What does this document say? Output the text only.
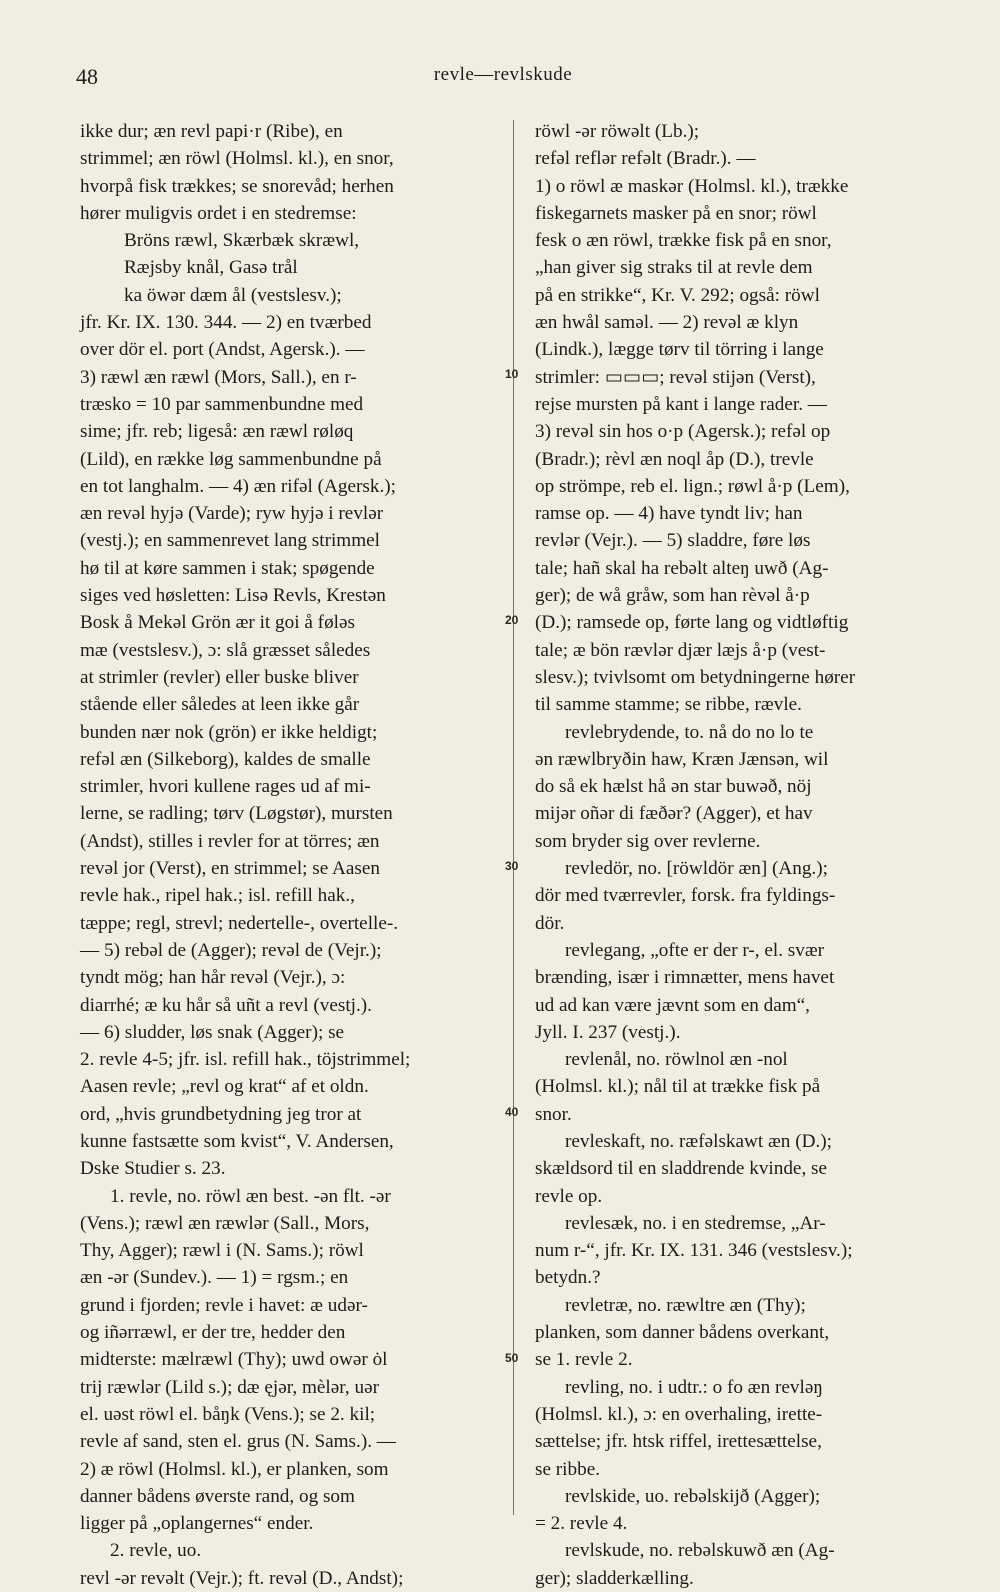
48	revle—revlskude
ikke dur; æn revl papi·r (Ribe), en
strimmel; æn röwl (Holmsl. kl.), en snor,
hvorpå fisk trækkes; se snorevåd; herhen
hører muligvis ordet i en stedremse:
Bröns ræwl, Skærbæk skræwl,
Ræjsby knål, Gasə trål
ka öwər dæm ål (vestslesv.);
jfr. Kr. IX. 130. 344. — 2) en tværbed
over dör el. port (Andst, Agersk.). —
3) ræwl æn ræwl (Mors, Sall.), en r-
træsko = 10 par sammenbundne med
sime; jfr. reb; ligeså: æn ræwl røløq
(Lild), en række løg sammenbundne på
en tot langhalm. — 4) æn rifəl (Agersk.);
æn revəl hyjə (Varde); ryw hyjə i revlər
(vestj.); en sammenrevet lang strimmel
hø til at køre sammen i stak; spøgende
siges ved høsletten: Lisə Revls, Krestən
Bosk å Mekəl Grön ær it goi å føləs
mæ (vestslesv.), ɔ: slå græsset således
at strimler (revler) eller buske bliver
stående eller således at leen ikke går
bunden nær nok (grön) er ikke heldigt;
refəl æn (Silkeborg), kaldes de smalle
strimler, hvori kullene rages ud af mi-
lerne, se radling; tørv (Løgstør), mursten
(Andst), stilles i revler for at törres; æn
revəl jor (Verst), en strimmel; se Aasen
revle hak., ripel hak.; isl. refill hak.,
tæppe; regl, strevl; nedertelle-, overtelle-.
— 5) rebəl de (Agger); revəl de (Vejr.);
tyndt mög; han hår revəl (Vejr.), ɔ:
diarrhé; æ ku hår så uñt a revl (vestj.).
— 6) sludder, løs snak (Agger); se
2. revle 4-5; jfr. isl. refill hak., töjstrimmel;
Aasen revle; „revl og krat“ af et oldn.
ord, „hvis grundbetydning jeg tror at
kunne fastsætte som kvist“, V. Andersen,
Dske Studier s. 23.
1. revle, no. röwl æn best. -ən flt. -ər
(Vens.); ræwl æn ræwlər (Sall., Mors,
Thy, Agger); ræwl i (N. Sams.); röwl
æn -ər (Sundev.). — 1) = rgsm.; en
grund i fjorden; revle i havet: æ udər-
og iñərræwl, er der tre, hedder den
midterste: mælræwl (Thy); uwd owər ȯl
trij ræwlər (Lild s.); dæ ęjər, mèlər, uər
el. uəst röwl el. båŋk (Vens.); se 2. kil;
revle af sand, sten el. grus (N. Sams.). —
2) æ röwl (Holmsl. kl.), er planken, som
danner bådens øverste rand, og som
ligger på „oplangernes“ ender.
2. revle, uo.
revl -ər revəlt (Vejr.); ft. revəl (D., Andst);
röwl -ər röwəlt (Lb.);
refəl reflər refəlt (Bradr.). —
1) o röwl æ maskər (Holmsl. kl.), trække
fiskegarnets masker på en snor; röwl
fesk o æn röwl, trække fisk på en snor,
„han giver sig straks til at revle dem
på en strikke“, Kr. V. 292; også: röwl
æn hwål saməl. — 2) revəl æ klyn
(Lindk.), lægge tørv til törring i lange
strimler: ▭▭▭; revəl stijən (Verst),
rejse mursten på kant i lange rader. —
3) revəl sin hos o·p (Agersk.); refəl op
(Bradr.); rèvl æn noql åp (D.), trevle
op strömpe, reb el. lign.; røwl å·p (Lem),
ramse op. — 4) have tyndt liv; han
revlər (Vejr.). — 5) sladdre, føre løs
tale; hañ skal ha rebəlt alteŋ uwð (Ag-
ger); de wå gråw, som han rèvəl å·p
(D.); ramsede op, førte lang og vidtløftig
tale; æ bön rævlər djær læjs å·p (vest-
slesv.); tvivlsomt om betydningerne hører
til samme stamme; se ribbe, rævle.
revlebrydende, to. nå do no lo te
ən ræwlbryðin haw, Kræn Jænsən, wil
do så ek hælst hå ən star buwəð, nöj
mijər oñər di fæðər? (Agger), et hav
som bryder sig over revlerne.
revledör, no. [röwldör æn] (Ang.);
dör med tværrevler, forsk. fra fyldings-
dör.
revlegang, „ofte er der r-, el. svær
brænding, især i rimnætter, mens havet
ud ad kan være jævnt som en dam“,
Jyll. I. 237 (vestj.).
revlenål, no. röwlnol æn -nol
(Holmsl. kl.); nål til at trække fisk på
snor.
revleskaft, no. ræfəlskawt æn (D.);
skældsord til en sladdrende kvinde, se
revle op.
revlesæk, no. i en stedremse, „Ar-
num r-“, jfr. Kr. IX. 131. 346 (vestslesv.);
betydn.?
revletræ, no. ræwltre æn (Thy);
planken, som danner bådens overkant,
se 1. revle 2.
revling, no. i udtr.: o fo æn revləŋ
(Holmsl. kl.), ɔ: en overhaling, irette-
sættelse; jfr. htsk riffel, irettesættelse,
se ribbe.
revlskide, uo. rebəlskijð (Agger);
= 2. revle 4.
revlskude, no. rebəlskuwð æn (Ag-
ger); sladderkælling.
10
20
30
40
50
